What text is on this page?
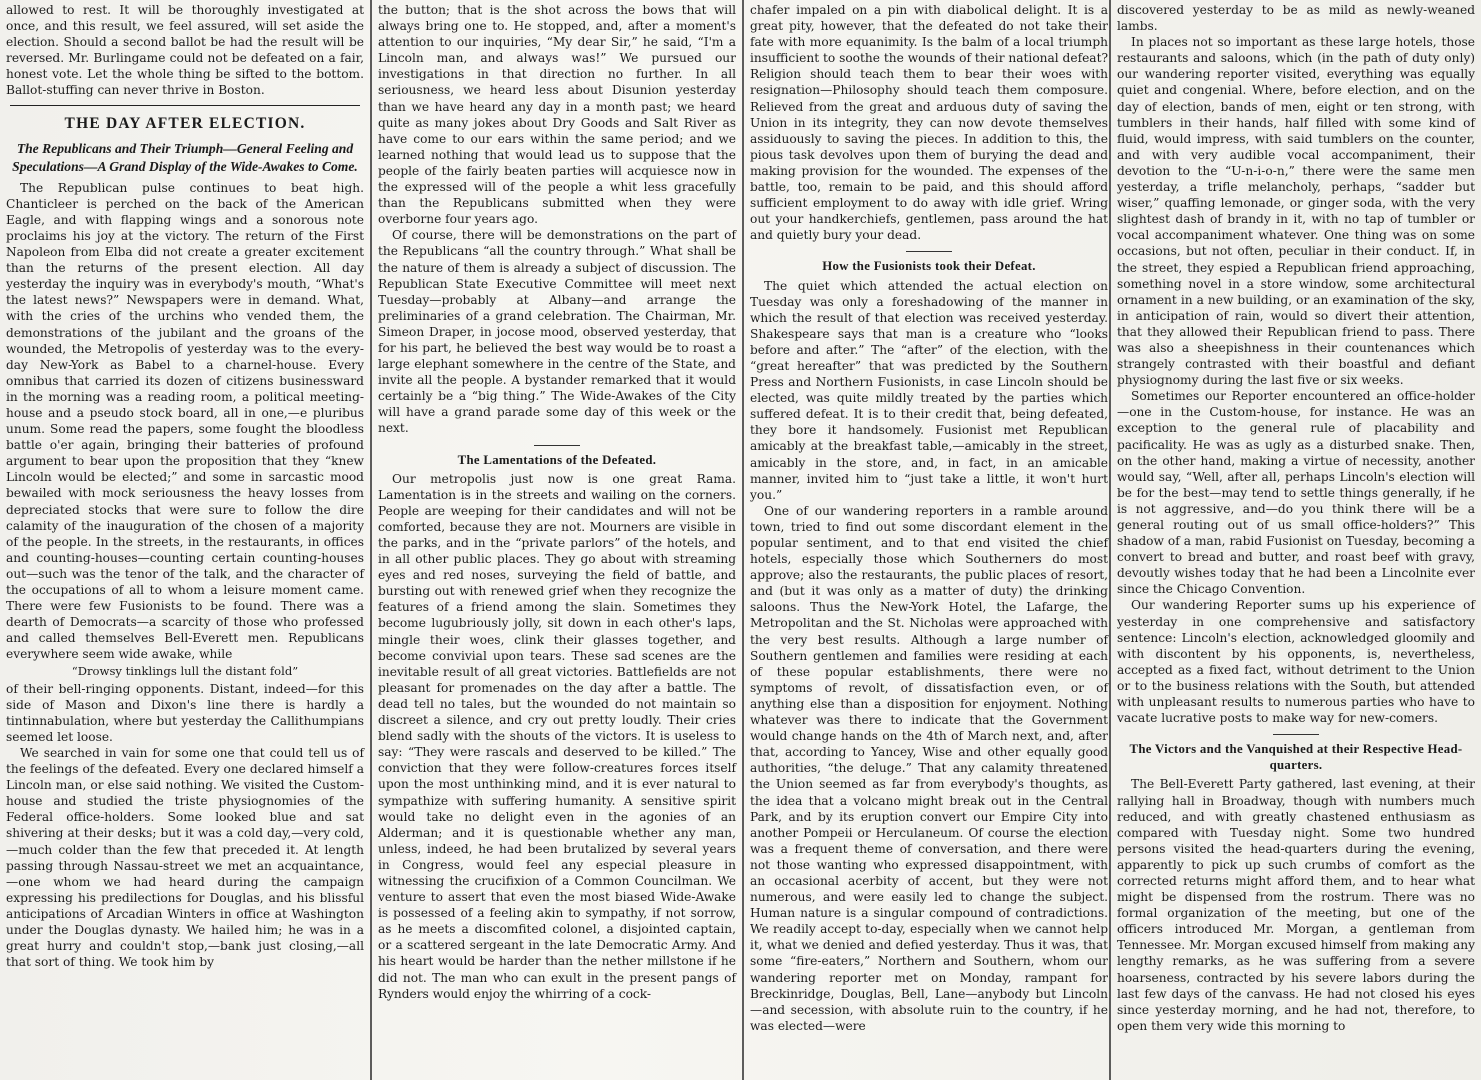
allowed to rest. It will be thoroughly investigated at once, and this result, we feel assured, will set aside the election. Should a second ballot be had the result will be reversed. Mr. Burlingame could not be defeated on a fair, honest vote. Let the whole thing be sifted to the bottom. Ballot-stuffing can never thrive in Boston.

THE DAY AFTER ELECTION.
The Republicans and Their Triumph—General Feeling and Speculations—A Grand Display of the Wide-Awakes to Come.

The Republican pulse continues to beat high. Chanticleer is perched on the back of the American Eagle, and with flapping wings and a sonorous note proclaims his joy at the victory. The return of the First Napoleon from Elba did not create a greater excitement than the returns of the present election. All day yesterday the inquiry was in everybody's mouth, “What's the latest news?” Newspapers were in demand. What, with the cries of the urchins who vended them, the demonstrations of the jubilant and the groans of the wounded, the Metropolis of yesterday was to the every-day New-York as Babel to a charnel-house. Every omnibus that carried its dozen of citizens businessward in the morning was a reading room, a political meeting-house and a pseudo stock board, all in one,—e pluribus unum. Some read the papers, some fought the bloodless battle o'er again, bringing their batteries of profound argument to bear upon the proposition that they “knew Lincoln would be elected;” and some in sarcastic mood bewailed with mock seriousness the heavy losses from depreciated stocks that were sure to follow the dire calamity of the inauguration of the chosen of a majority of the people. In the streets, in the restaurants, in offices and counting-houses—counting certain counting-houses out—such was the tenor of the talk, and the character of the occupations of all to whom a leisure moment came. There were few Fusionists to be found. There was a dearth of Democrats—a scarcity of those who professed and called themselves Bell-Everett men. Republicans everywhere seem wide awake, while

“Drowsy tinklings lull the distant fold”

of their bell-ringing opponents. Distant, indeed—for this side of Mason and Dixon's line there is hardly a tintinnabulation, where but yesterday the Callithumpians seemed let loose.

We searched in vain for some one that could tell us of the feelings of the defeated. Every one declared himself a Lincoln man, or else said nothing. We visited the Custom-house and studied the triste physiognomies of the Federal office-holders. Some looked blue and sat shivering at their desks; but it was a cold day,—very cold,—much colder than the few that preceded it. At length passing through Nassau-street we met an acquaintance,—one whom we had heard during the campaign expressing his predilections for Douglas, and his blissful anticipations of Arcadian Winters in office at Washington under the Douglas dynasty. We hailed him; he was in a great hurry and couldn't stop,—bank just closing,—all that sort of thing. We took him by

the button; that is the shot across the bows that will always bring one to. He stopped, and, after a moment's attention to our inquiries, “My dear Sir,” he said, “I'm a Lincoln man, and always was!” We pursued our investigations in that direction no further. In all seriousness, we heard less about Disunion yesterday than we have heard any day in a month past; we heard quite as many jokes about Dry Goods and Salt River as have come to our ears within the same period; and we learned nothing that would lead us to suppose that the people of the fairly beaten parties will acquiesce now in the expressed will of the people a whit less gracefully than the Republicans submitted when they were overborne four years ago.

Of course, there will be demonstrations on the part of the Republicans “all the country through.” What shall be the nature of them is already a subject of discussion. The Republican State Executive Committee will meet next Tuesday—probably at Albany—and arrange the preliminaries of a grand celebration. The Chairman, Mr. Simeon Draper, in jocose mood, observed yesterday, that for his part, he believed the best way would be to roast a large elephant somewhere in the centre of the State, and invite all the people. A bystander remarked that it would certainly be a “big thing.” The Wide-Awakes of the City will have a grand parade some day of this week or the next.

The Lamentations of the Defeated.

Our metropolis just now is one great Rama. Lamentation is in the streets and wailing on the corners. People are weeping for their candidates and will not be comforted, because they are not. Mourners are visible in the parks, and in the “private parlors” of the hotels, and in all other public places. They go about with streaming eyes and red noses, surveying the field of battle, and bursting out with renewed grief when they recognize the features of a friend among the slain. Sometimes they become lugubriously jolly, sit down in each other's laps, mingle their woes, clink their glasses together, and become convivial upon tears. These sad scenes are the inevitable result of all great victories. Battlefields are not pleasant for promenades on the day after a battle. The dead tell no tales, but the wounded do not maintain so discreet a silence, and cry out pretty loudly. Their cries blend sadly with the shouts of the victors. It is useless to say: “They were rascals and deserved to be killed.” The conviction that they were follow-creatures forces itself upon the most unthinking mind, and it is ever natural to sympathize with suffering humanity. A sensitive spirit would take no delight even in the agonies of an Alderman; and it is questionable whether any man, unless, indeed, he had been brutalized by several years in Congress, would feel any especial pleasure in witnessing the crucifixion of a Common Councilman. We venture to assert that even the most biased Wide-Awake is possessed of a feeling akin to sympathy, if not sorrow, as he meets a discomfited colonel, a disjointed captain, or a scattered sergeant in the late Democratic Army. And his heart would be harder than the nether millstone if he did not. The man who can exult in the present pangs of Rynders would enjoy the whirring of a cock-

chafer impaled on a pin with diabolical delight. It is a great pity, however, that the defeated do not take their fate with more equanimity. Is the balm of a local triumph insufficient to soothe the wounds of their national defeat? Religion should teach them to bear their woes with resignation—Philosophy should teach them composure. Relieved from the great and arduous duty of saving the Union in its integrity, they can now devote themselves assiduously to saving the pieces. In addition to this, the pious task devolves upon them of burying the dead and making provision for the wounded. The expenses of the battle, too, remain to be paid, and this should afford sufficient employment to do away with idle grief. Wring out your handkerchiefs, gentlemen, pass around the hat and quietly bury your dead.

How the Fusionists took their Defeat.

The quiet which attended the actual election on Tuesday was only a foreshadowing of the manner in which the result of that election was received yesterday. Shakespeare says that man is a creature who “looks before and after.” The “after” of the election, with the “great hereafter” that was predicted by the Southern Press and Northern Fusionists, in case Lincoln should be elected, was quite mildly treated by the parties which suffered defeat. It is to their credit that, being defeated, they bore it handsomely. Fusionist met Republican amicably at the breakfast table,—amicably in the street, amicably in the store, and, in fact, in an amicable manner, invited him to “just take a little, it won't hurt you.”

One of our wandering reporters in a ramble around town, tried to find out some discordant element in the popular sentiment, and to that end visited the chief hotels, especially those which Southerners do most approve; also the restaurants, the public places of resort, and (but it was only as a matter of duty) the drinking saloons. Thus the New-York Hotel, the Lafarge, the Metropolitan and the St. Nicholas were approached with the very best results. Although a large number of Southern gentlemen and families were residing at each of these popular establishments, there were no symptoms of revolt, of dissatisfaction even, or of anything else than a disposition for enjoyment. Nothing whatever was there to indicate that the Government would change hands on the 4th of March next, and, after that, according to Yancey, Wise and other equally good authorities, “the deluge.” That any calamity threatened the Union seemed as far from everybody's thoughts, as the idea that a volcano might break out in the Central Park, and by its eruption convert our Empire City into another Pompeii or Herculaneum. Of course the election was a frequent theme of conversation, and there were not those wanting who expressed disappointment, with an occasional acerbity of accent, but they were not numerous, and were easily led to change the subject. Human nature is a singular compound of contradictions. We readily accept to-day, especially when we cannot help it, what we denied and defied yesterday. Thus it was, that some “fire-eaters,” Northern and Southern, whom our wandering reporter met on Monday, rampant for Breckinridge, Douglas, Bell, Lane—anybody but Lincoln—and secession, with absolute ruin to the country, if he was elected—were

discovered yesterday to be as mild as newly-weaned lambs.

In places not so important as these large hotels, those restaurants and saloons, which (in the path of duty only) our wandering reporter visited, everything was equally quiet and congenial. Where, before election, and on the day of election, bands of men, eight or ten strong, with tumblers in their hands, half filled with some kind of fluid, would impress, with said tumblers on the counter, and with very audible vocal accompaniment, their devotion to the “U-n-i-o-n,” there were the same men yesterday, a trifle melancholy, perhaps, “sadder but wiser,” quaffing lemonade, or ginger soda, with the very slightest dash of brandy in it, with no tap of tumbler or vocal accompaniment whatever. One thing was on some occasions, but not often, peculiar in their conduct. If, in the street, they espied a Republican friend approaching, something novel in a store window, some architectural ornament in a new building, or an examination of the sky, in anticipation of rain, would so divert their attention, that they allowed their Republican friend to pass. There was also a sheepishness in their countenances which strangely contrasted with their boastful and defiant physiognomy during the last five or six weeks.

Sometimes our Reporter encountered an office-holder—one in the Custom-house, for instance. He was an exception to the general rule of placability and pacificality. He was as ugly as a disturbed snake. Then, on the other hand, making a virtue of necessity, another would say, “Well, after all, perhaps Lincoln's election will be for the best—may tend to settle things generally, if he is not aggressive, and—do you think there will be a general routing out of us small office-holders?” This shadow of a man, rabid Fusionist on Tuesday, becoming a convert to bread and butter, and roast beef with gravy, devoutly wishes today that he had been a Lincolnite ever since the Chicago Convention.

Our wandering Reporter sums up his experience of yesterday in one comprehensive and satisfactory sentence: Lincoln's election, acknowledged gloomily and with discontent by his opponents, is, nevertheless, accepted as a fixed fact, without detriment to the Union or to the business relations with the South, but attended with unpleasant results to numerous parties who have to vacate lucrative posts to make way for new-comers.

The Victors and the Vanquished at their Respective Head-quarters.

The Bell-Everett Party gathered, last evening, at their rallying hall in Broadway, though with numbers much reduced, and with greatly chastened enthusiasm as compared with Tuesday night. Some two hundred persons visited the head-quarters during the evening, apparently to pick up such crumbs of comfort as the corrected returns might afford them, and to hear what might be dispensed from the rostrum. There was no formal organization of the meeting, but one of the officers introduced Mr. Morgan, a gentleman from Tennessee. Mr. Morgan excused himself from making any lengthy remarks, as he was suffering from a severe hoarseness, contracted by his severe labors during the last few days of the canvass. He had not closed his eyes since yesterday morning, and he had not, therefore, to open them very wide this morning to
